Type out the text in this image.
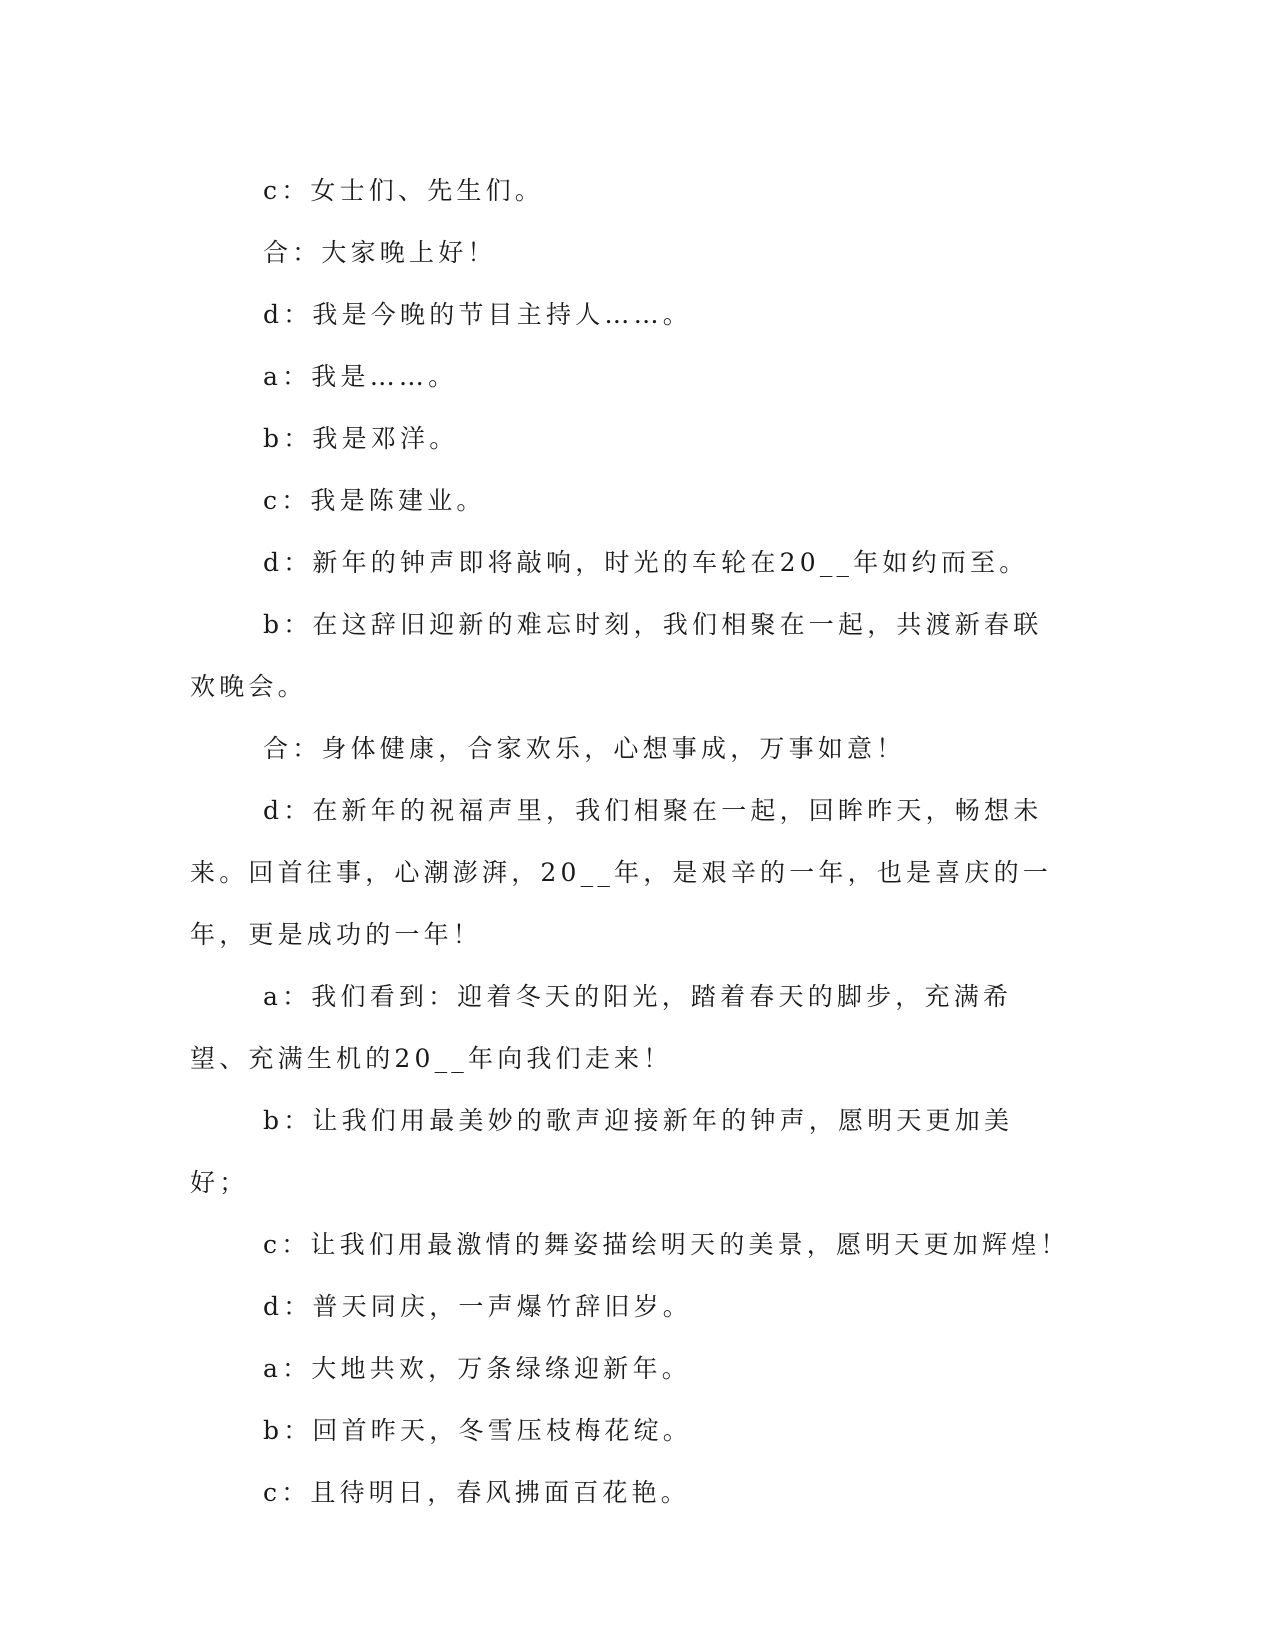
c：女士们、先生们。

合：大家晚上好！

d：我是今晚的节目主持人……。

a：我是……。

b：我是邓洋。

c：我是陈建业。

d：新年的钟声即将敲响，时光的车轮在20__年如约而至。

b：在这辞旧迎新的难忘时刻，我们相聚在一起，共渡新春联欢晚会。

合：身体健康，合家欢乐，心想事成，万事如意！

d：在新年的祝福声里，我们相聚在一起，回眸昨天，畅想未来。回首往事，心潮澎湃，20__年，是艰辛的一年，也是喜庆的一年，更是成功的一年！

a：我们看到：迎着冬天的阳光，踏着春天的脚步，充满希望、充满生机的20__年向我们走来！

b：让我们用最美妙的歌声迎接新年的钟声，愿明天更加美好；

c：让我们用最激情的舞姿描绘明天的美景，愿明天更加辉煌！

d：普天同庆，一声爆竹辞旧岁。

a：大地共欢，万条绿绦迎新年。

b：回首昨天，冬雪压枝梅花绽。

c：且待明日，春风拂面百花艳。
